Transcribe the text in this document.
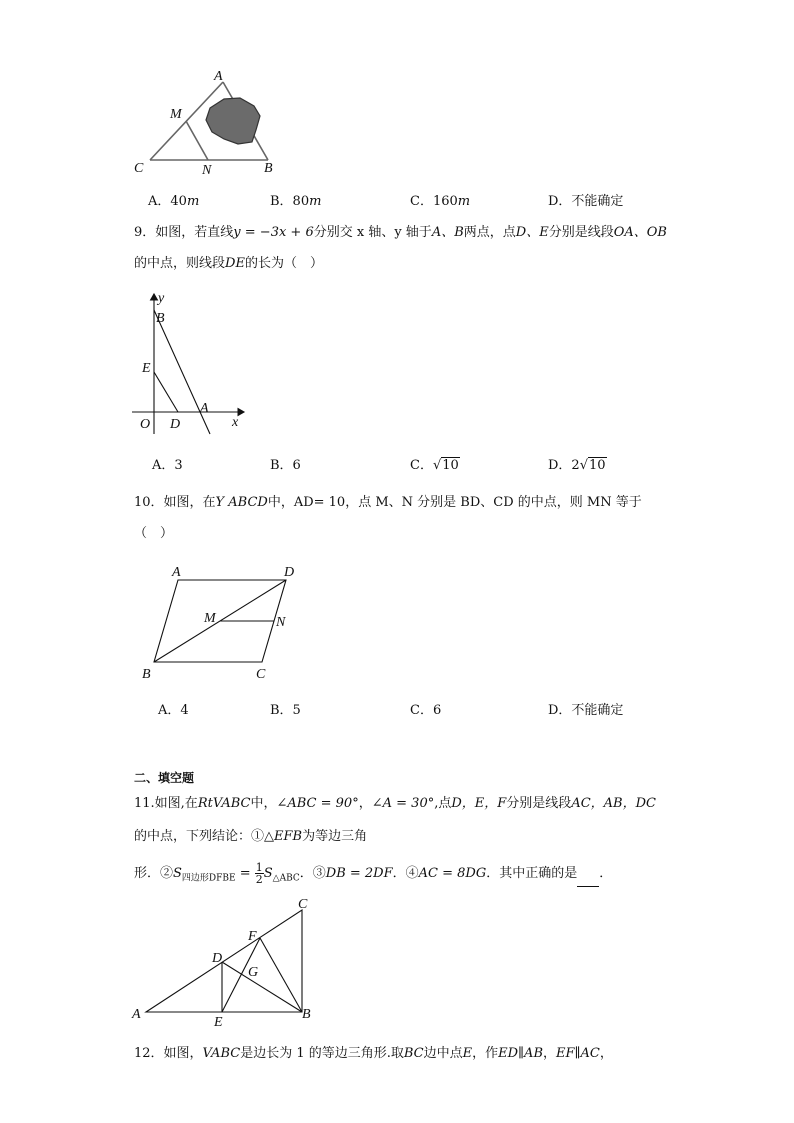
A
M
C	N	B
A．40m	B．80m	C．160m	D．不能确定
9．如图，若直线y = −3x + 6分别交 x 轴、y 轴于A、B两点，点D、E分别是线段OA、OB
的中点，则线段DE的长为（　）
y
B
E
O D
A
x
A．3	B．6	C．√10	D．2√10
10．如图，在Y ABCD中，AD= 10，点 M、N 分别是 BD、CD 的中点，则 MN 等于
（　）
A	D
M	N
B	C
A．4	B．5	C．6	D．不能确定
二、填空题
11.如图,在RtVABC中，∠ABC = 90°，∠A = 30°,点D，E，F分别是线段AC，AB，DC
的中点，下列结论：①△EFB为等边三角
形．$②S_{四边形DFBE} = \frac{1}{2} S_{\triangle ABC}$．③DB = 2DF．④AC = 8DG．其中正确的是 ．
C
F
D
G
A
E
B
12．如图，VABC是边长为 1 的等边三角形.取BC边中点E，作ED∥AB，EF∥AC，
